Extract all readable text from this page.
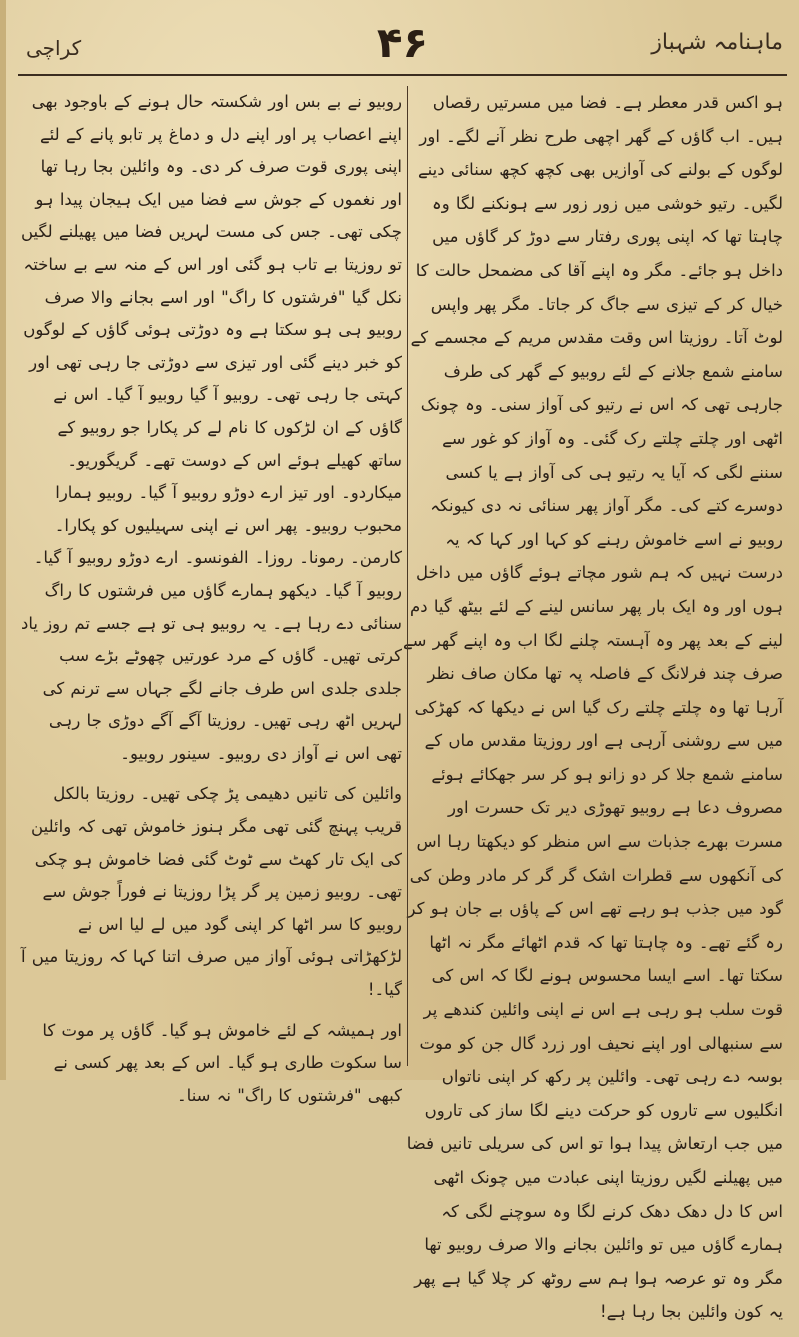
ماہنامہ شہباز
۴۶
کراچی

ہو اکس قدر معطر ہے۔ فضا میں مسرتیں رقصاں ہیں۔ اب گاؤں کے گھر اچھی طرح نظر آنے لگے۔ اور لوگوں کے بولنے کی آوازیں بھی کچھ کچھ سنائی دینے لگیں۔ رتیو خوشی میں زور زور سے ہونکنے لگا وہ چاہتا تھا کہ اپنی پوری رفتار سے دوڑ کر گاؤں میں داخل ہو جائے۔ مگر وہ اپنے آقا کی مضمحل حالت کا خیال کر کے تیزی سے جاگ کر جاتا۔ مگر پھر واپس لوٹ آتا۔ روزیتا اس وقت مقدس مریم کے مجسمے کے سامنے شمع جلانے کے لئے روبیو کے گھر کی طرف جارہی تھی کہ اس نے رتیو کی آواز سنی۔ وہ چونک اٹھی اور چلتے چلتے رک گئی۔ وہ آواز کو غور سے سننے لگی کہ آیا یہ رتیو ہی کی آواز ہے یا کسی دوسرے کتے کی۔ مگر آواز پھر سنائی نہ دی کیونکہ روبیو نے اسے خاموش رہنے کو کہا اور کہا کہ یہ درست نہیں کہ ہم شور مچاتے ہوئے گاؤں میں داخل ہوں اور وہ ایک بار پھر سانس لینے کے لئے بیٹھ گیا دم لینے کے بعد پھر وہ آہستہ چلنے لگا اب وہ اپنے گھر سے صرف چند فرلانگ کے فاصلہ پہ تھا مکان صاف نظر آرہا تھا وہ چلتے چلتے رک گیا اس نے دیکھا کہ کھڑکی میں سے روشنی آرہی ہے اور روزیتا مقدس ماں کے سامنے شمع جلا کر دو زانو ہو کر سر جھکائے ہوئے مصروف دعا ہے روبیو تھوڑی دیر تک حسرت اور مسرت بھرے جذبات سے اس منظر کو دیکھتا رہا اس کی آنکھوں سے قطرات اشک گر گر کر مادر وطن کی گود میں جذب ہو رہے تھے اس کے پاؤں بے جان ہو کر رہ گئے تھے۔ وہ چاہتا تھا کہ قدم اٹھائے مگر نہ اٹھا سکتا تھا۔ اسے ایسا محسوس ہونے لگا کہ اس کی قوت سلب ہو رہی ہے اس نے اپنی وائلین کندھے پر سے سنبھالی اور اپنے نحیف اور زرد گال جن کو موت بوسہ دے رہی تھی۔ وائلین پر رکھ کر اپنی ناتواں انگلیوں سے تاروں کو حرکت دینے لگا ساز کی تاروں میں جب ارتعاش پیدا ہوا تو اس کی سریلی تانیں فضا میں پھیلنے لگیں روزیتا اپنی عبادت میں چونک اٹھی اس کا دل دھک دھک کرنے لگا وہ سوچنے لگی کہ ہمارے گاؤں میں تو وائلین بجانے والا صرف روبیو تھا مگر وہ تو عرصہ ہوا ہم سے روٹھ کر چلا گیا ہے پھر یہ کون وائلین بجا رہا ہے!

روبیو نے بے بس اور شکستہ حال ہونے کے باوجود بھی اپنے اعصاب پر اور اپنے دل و دماغ پر تابو پانے کے لئے اپنی پوری قوت صرف کر دی۔ وہ وائلین بجا رہا تھا اور نغموں کے جوش سے فضا میں ایک ہیجان پیدا ہو چکی تھی۔ جس کی مست لہریں فضا میں پھیلنے لگیں تو روزیتا بے تاب ہو گئی اور اس کے منہ سے بے ساختہ نکل گیا "فرشتوں کا راگ" اور اسے بجانے والا صرف روبیو ہی ہو سکتا ہے وہ دوڑتی ہوئی گاؤں کے لوگوں کو خبر دینے گئی اور تیزی سے دوڑتی جا رہی تھی اور کہتی جا رہی تھی۔ روبیو آ گیا روبیو آ گیا۔ اس نے گاؤں کے ان لڑکوں کا نام لے کر پکارا جو روبیو کے ساتھ کھیلے ہوئے اس کے دوست تھے۔ گریگوریو۔ میکاردو۔ اور تیز ارے دوڑو روبیو آ گیا۔ روبیو ہمارا محبوب روبیو۔ پھر اس نے اپنی سہیلیوں کو پکارا۔ کارمن۔ رمونا۔ روزا۔ الفونسو۔ ارے دوڑو روبیو آ گیا۔ روبیو آ گیا۔ دیکھو ہمارے گاؤں میں فرشتوں کا راگ سنائی دے رہا ہے۔ یہ روبیو ہی تو ہے جسے تم روز یاد کرتی تھیں۔ گاؤں کے مرد عورتیں چھوٹے بڑے سب جلدی جلدی اس طرف جانے لگے جہاں سے ترنم کی لہریں اٹھ رہی تھیں۔ روزیتا آگے آگے دوڑی جا رہی تھی اس نے آواز دی روبیو۔ سینور روبیو۔

وائلین کی تانیں دھیمی پڑ چکی تھیں۔ روزیتا بالکل قریب پہنچ گئی تھی مگر ہنوز خاموش تھی کہ وائلین کی ایک تار کھٹ سے ٹوٹ گئی فضا خاموش ہو چکی تھی۔ روبیو زمین پر گر پڑا روزیتا نے فوراً جوش سے روبیو کا سر اٹھا کر اپنی گود میں لے لیا اس نے لڑکھڑاتی ہوئی آواز میں صرف اتنا کہا کہ روزیتا میں آ گیا۔!

اور ہمیشہ کے لئے خاموش ہو گیا۔ گاؤں پر موت کا سا سکوت طاری ہو گیا۔ اس کے بعد پھر کسی نے کبھی "فرشتوں کا راگ" نہ سنا۔
